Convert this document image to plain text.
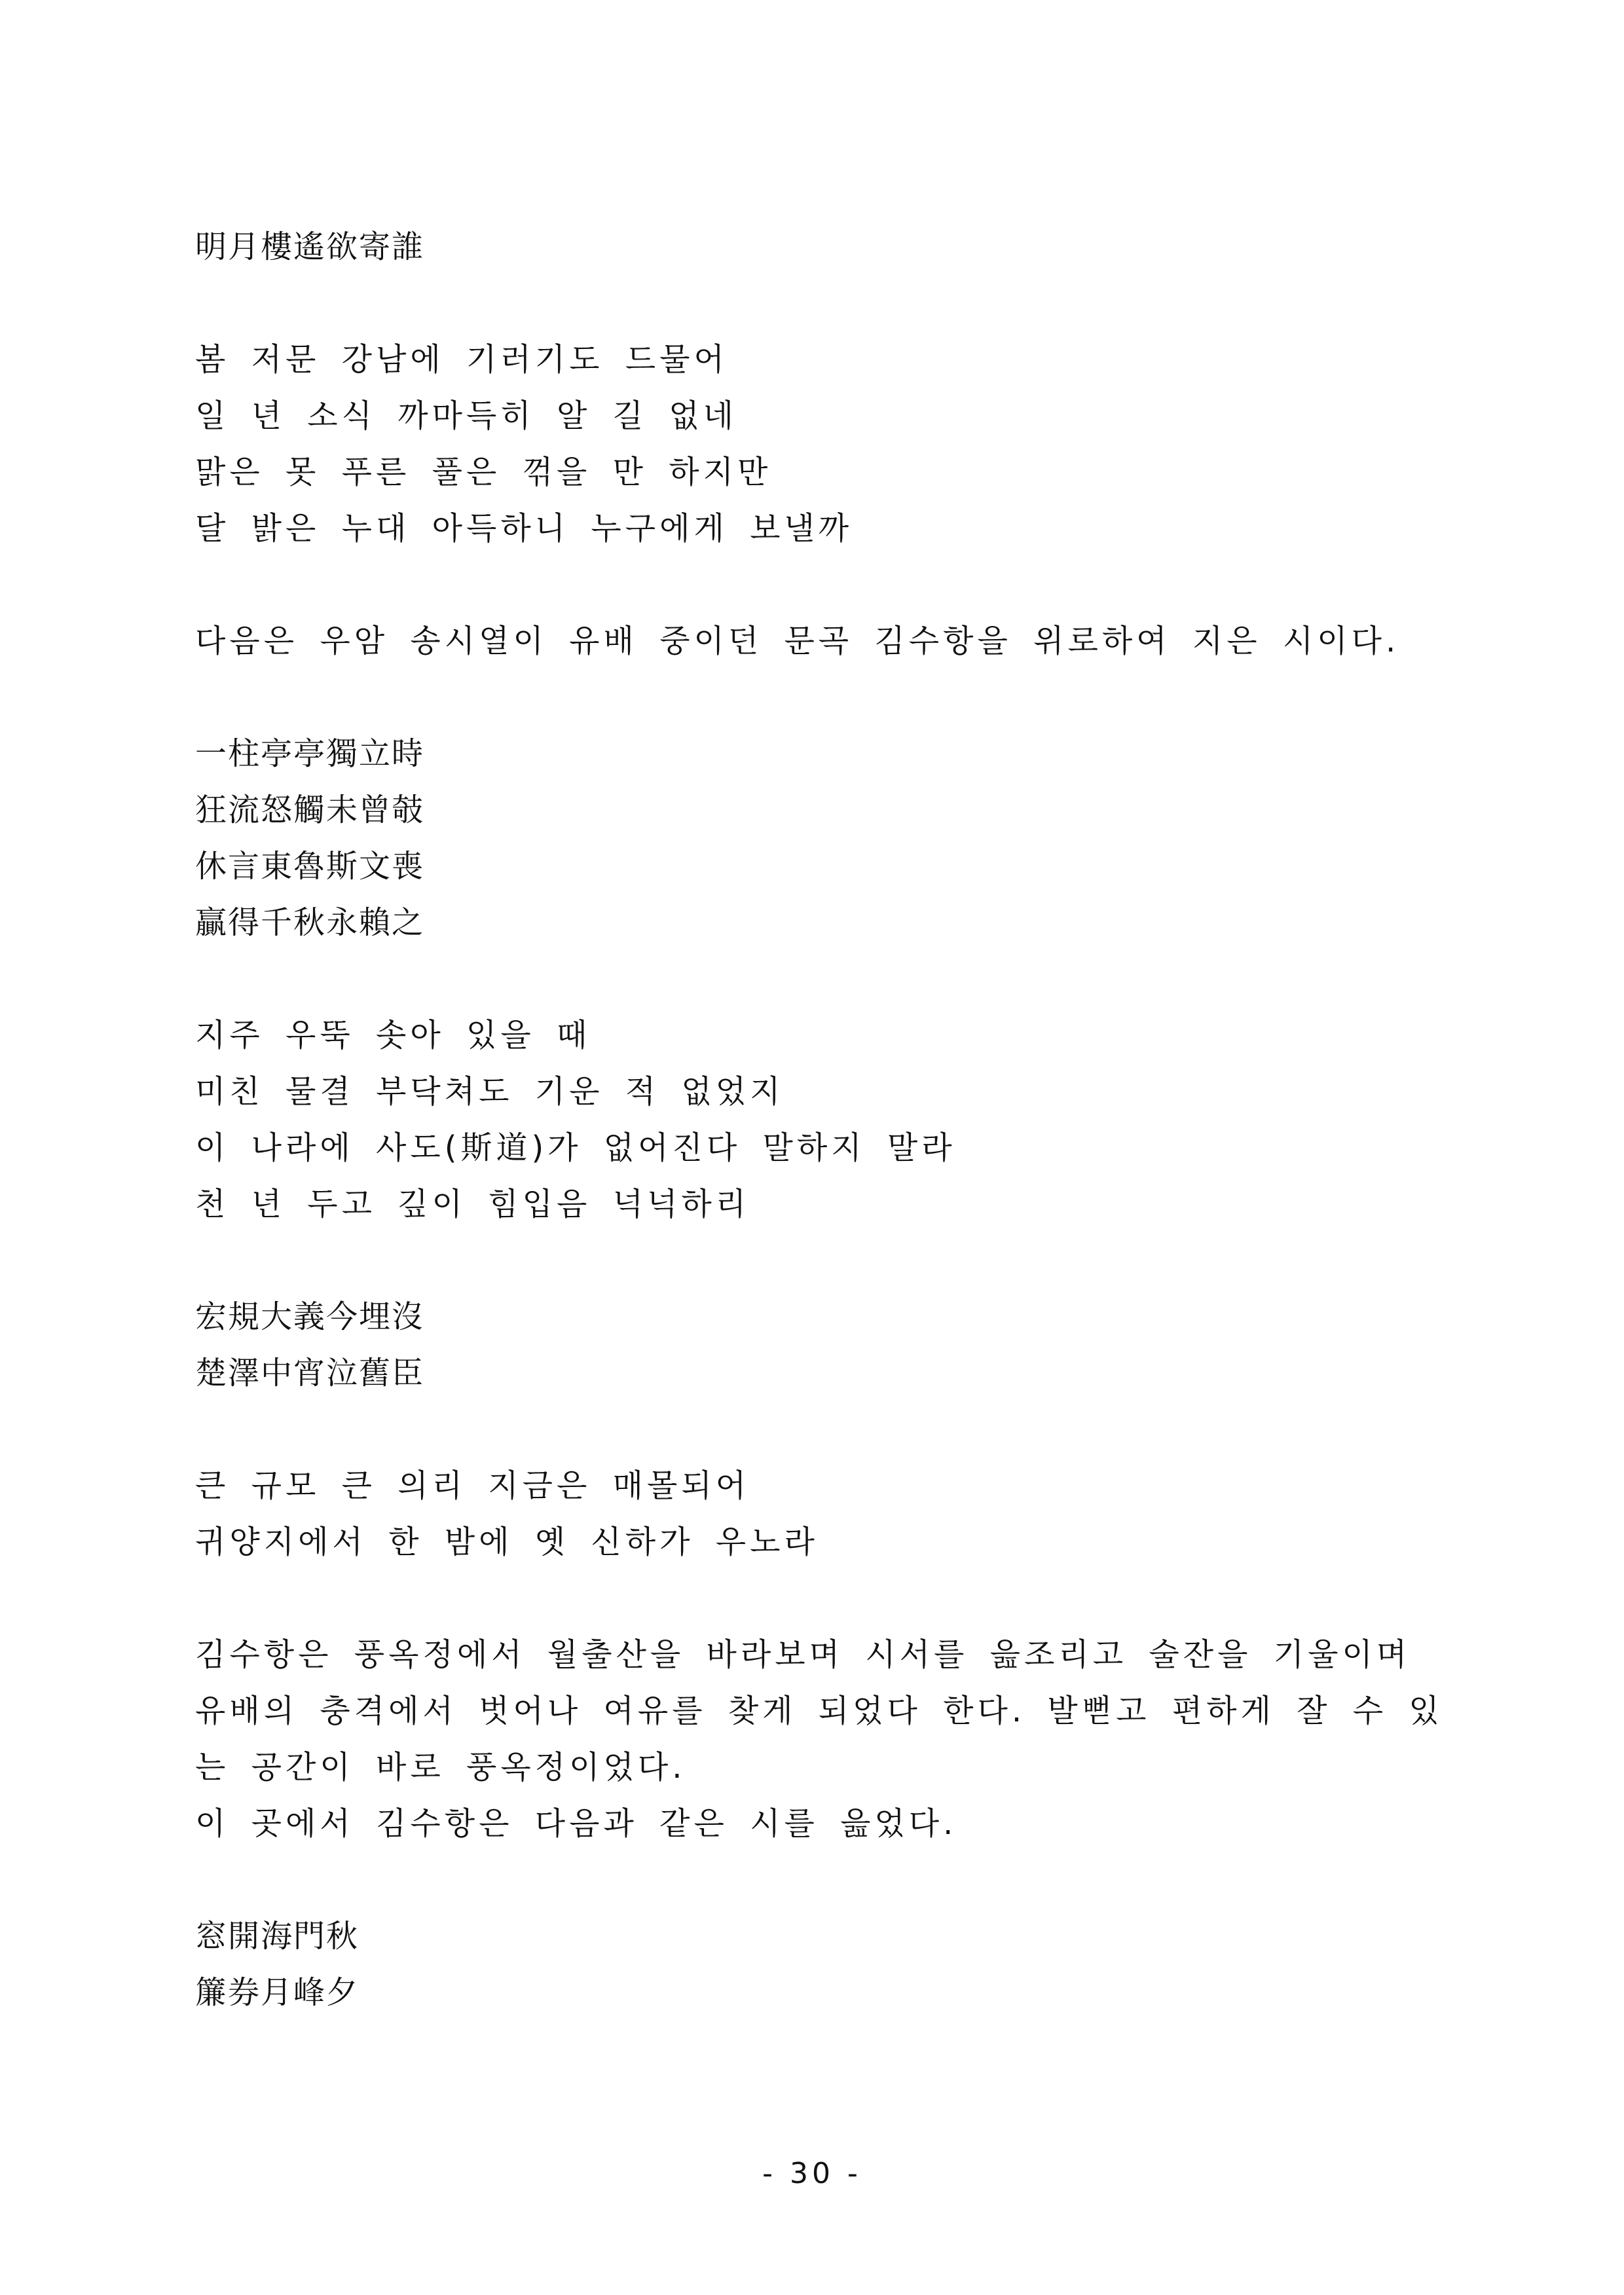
明月樓遙欲寄誰
봄 저문 강남에 기러기도 드물어
일 년 소식 까마득히 알 길 없네
맑은 못 푸른 풀은 꺾을 만 하지만
달 밝은 누대 아득하니 누구에게 보낼까
다음은 우암 송시열이 유배 중이던 문곡 김수항을 위로하여 지은 시이다.
一柱亭亭獨立時
狂流怒觸未曾攲
休言東魯斯文喪
贏得千秋永賴之
지주 우뚝 솟아 있을 때
미친 물결 부닥쳐도 기운 적 없었지
이 나라에 사도(斯道)가 없어진다 말하지 말라
천 년 두고 깊이 힘입음 넉넉하리
宏規大義今埋沒
楚澤中宵泣舊臣
큰 규모 큰 의리 지금은 매몰되어
귀양지에서 한 밤에 옛 신하가 우노라
김수항은 풍옥정에서 월출산을 바라보며 시서를 읊조리고 술잔을 기울이며
유배의 충격에서 벗어나 여유를 찾게 되었다 한다. 발뻗고 편하게 잘 수 있
는 공간이 바로 풍옥정이었다.
이 곳에서 김수항은 다음과 같은 시를 읊었다.
窓開海門秋
簾券月峰夕
- 30 -
